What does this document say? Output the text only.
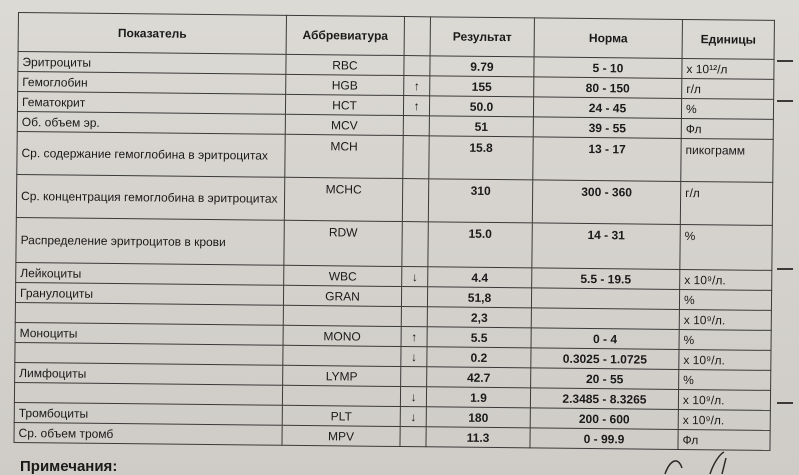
Показатель	Аббревиатура		Результат	Норма	Единицы
Эритроциты	RBC		9.79	5 - 10	x 10¹²/л
Гемоглобин	HGB	↑	155	80 - 150	г/л
Гематокрит	HCT	↑	50.0	24 - 45	%
Об. объем эр.	MCV		51	39 - 55	Фл
Ср. содержание гемоглобина в эритроцитах	MCH		15.8	13 - 17	пикограмм
Ср. концентрация гемоглобина в эритроцитах	MCHC		310	300 - 360	г/л
Распределение эритроцитов в крови	RDW		15.0	14 - 31	%
Лейкоциты	WBC	↓	4.4	5.5 - 19.5	x 10⁹/л.
Гранулоциты	GRAN		51,8		%
			2,3		x 10⁹/л.
Моноциты	MONO	↑	5.5	0 - 4	%
		↓	0.2	0.3025 - 1.0725	x 10⁹/л.
Лимфоциты	LYMP		42.7	20 - 55	%
		↓	1.9	2.3485 - 8.3265	x 10⁹/л.
Тромбоциты	PLT	↓	180	200 - 600	x 10⁹/л.
Ср. объем тромб	MPV		11.3	0 - 99.9	Фл
Примечания:
